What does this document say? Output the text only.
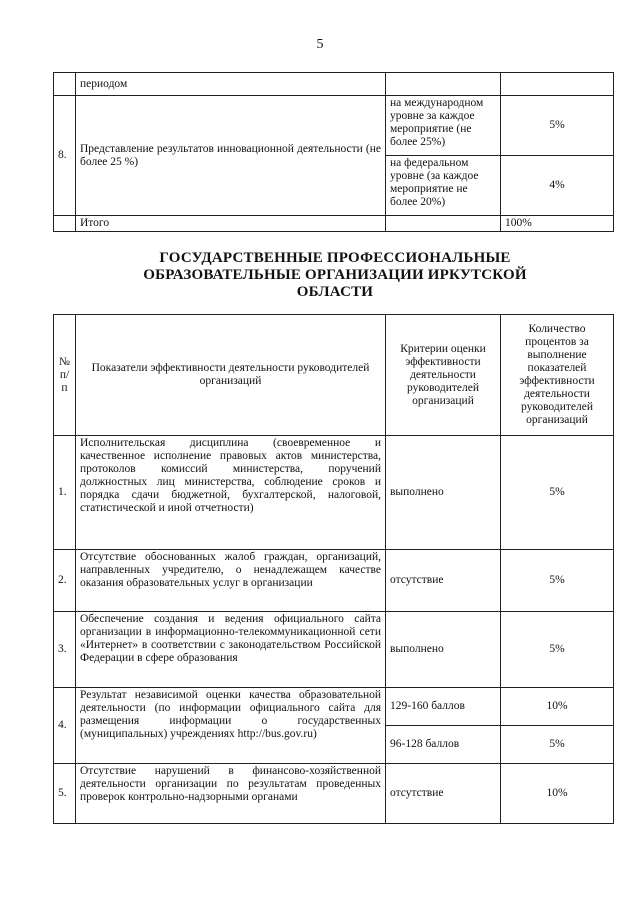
5
	периодом		
8.	Представление результатов инновационной деятельности (не более 25 %)	на международном уровне за каждое мероприятие (не более 25%)	5%
		на федеральном уровне (за каждое мероприятие не более 20%)	4%
	Итого		100%
ГОСУДАРСТВЕННЫЕ ПРОФЕССИОНАЛЬНЫЕ
ОБРАЗОВАТЕЛЬНЫЕ ОРГАНИЗАЦИИ ИРКУТСКОЙ
ОБЛАСТИ
№ п/п	Показатели эффективности деятельности руководителей организаций	Критерии оценки эффективности деятельности руководителей организаций	Количество процентов за выполнение показателей эффективности деятельности руководителей организаций
1.	Исполнительская дисциплина (своевременное и качественное исполнение правовых актов министерства, протоколов комиссий министерства, поручений должностных лиц министерства, соблюдение сроков и порядка сдачи бюджетной, бухгалтерской, налоговой, статистической и иной отчетности)	выполнено	5%
2.	Отсутствие обоснованных жалоб граждан, организаций, направленных учредителю, о ненадлежащем качестве оказания образовательных услуг в организации	отсутствие	5%
3.	Обеспечение создания и ведения официального сайта организации в информационно-телекоммуникационной сети «Интернет» в соответствии с законодательством Российской Федерации в сфере образования	выполнено	5%
4.	Результат независимой оценки качества образовательной деятельности (по информации официального сайта для размещения информации о государственных (муниципальных) учреждениях http://bus.gov.ru)	129-160 баллов	10%
		96-128 баллов	5%
5.	Отсутствие нарушений в финансово-хозяйственной деятельности организации по результатам проведенных проверок контрольно-надзорными органами	отсутствие	10%
